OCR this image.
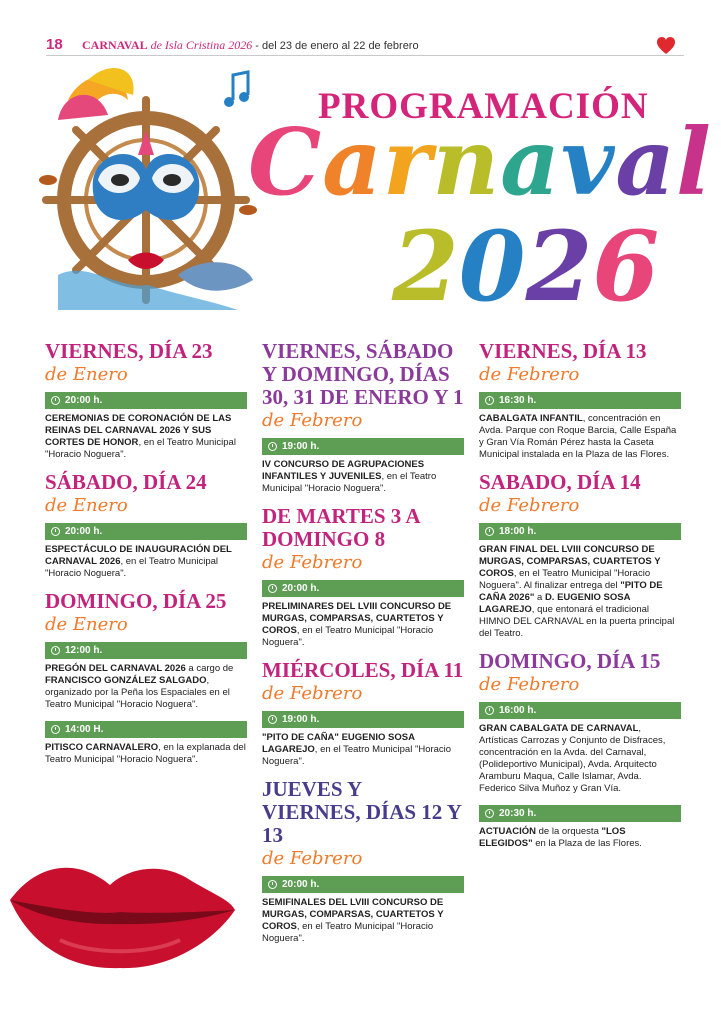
18 CARNAVAL de Isla Cristina 2026 - del 23 de enero al 22 de febrero
PROGRAMACIÓN
Carnaval
2026
VIERNES, DÍA 23
de Enero
20:00 h.
CEREMONIAS DE CORONACIÓN DE LAS REINAS DEL CARNAVAL 2026 Y SUS CORTES DE HONOR, en el Teatro Municipal "Horacio Noguera".
SÁBADO, DÍA 24
de Enero
20:00 h.
ESPECTÁCULO DE INAUGURACIÓN DEL CARNAVAL 2026, en el Teatro Municipal "Horacio Noguera".
DOMINGO, DÍA 25
de Enero
12:00 h.
PREGÓN DEL CARNAVAL 2026 a cargo de FRANCISCO GONZÁLEZ SALGADO, organizado por la Peña los Espaciales en el Teatro Municipal "Horacio Noguera".
14:00 H.
PITISCO CARNAVALERO, en la explanada del Teatro Municipal "Horacio Noguera".
VIERNES, SÁBADO Y DOMINGO, DÍAS 30, 31 DE ENERO Y 1
de Febrero
19:00 h.
IV CONCURSO DE AGRUPACIONES INFANTILES Y JUVENILES, en el Teatro Municipal "Horacio Noguera".
DE MARTES 3 A DOMINGO 8
de Febrero
20:00 h.
PRELIMINARES DEL LVIII CONCURSO DE MURGAS, COMPARSAS, CUARTETOS Y COROS, en el Teatro Municipal "Horacio Noguera".
MIÉRCOLES, DÍA 11
de Febrero
19:00 h.
"PITO DE CAÑA" EUGENIO SOSA LAGAREJO, en el Teatro Municipal "Horacio Noguera".
JUEVES Y VIERNES, DÍAS 12 Y 13
de Febrero
20:00 h.
SEMIFINALES DEL LVIII CONCURSO DE MURGAS, COMPARSAS, CUARTETOS Y COROS, en el Teatro Municipal "Horacio Noguera".
VIERNES, DÍA 13
de Febrero
16:30 h.
CABALGATA INFANTIL, concentración en Avda. Parque con Roque Barcia, Calle España y Gran Vía Román Pérez hasta la Caseta Municipal instalada en la Plaza de las Flores.
SABADO, DÍA 14
de Febrero
18:00 h.
GRAN FINAL DEL LVIII CONCURSO DE MURGAS, COMPARSAS, CUARTETOS Y COROS, en el Teatro Municipal "Horacio Noguera". Al finalizar entrega del "PITO DE CAÑA 2026" a D. EUGENIO SOSA LAGAREJO, que entonará el tradicional HIMNO DEL CARNAVAL en la puerta principal del Teatro.
DOMINGO, DÍA 15
de Febrero
16:00 h.
GRAN CABALGATA DE CARNAVAL, Artísticas Carrozas y Conjunto de Disfraces, concentración en la Avda. del Carnaval, (Polideportivo Municipal), Avda. Arquitecto Aramburu Maqua, Calle Islamar, Avda. Federico Silva Muñoz y Gran Vía.
20:30 h.
ACTUACIÓN de la orquesta "LOS ELEGIDOS" en la Plaza de las Flores.
